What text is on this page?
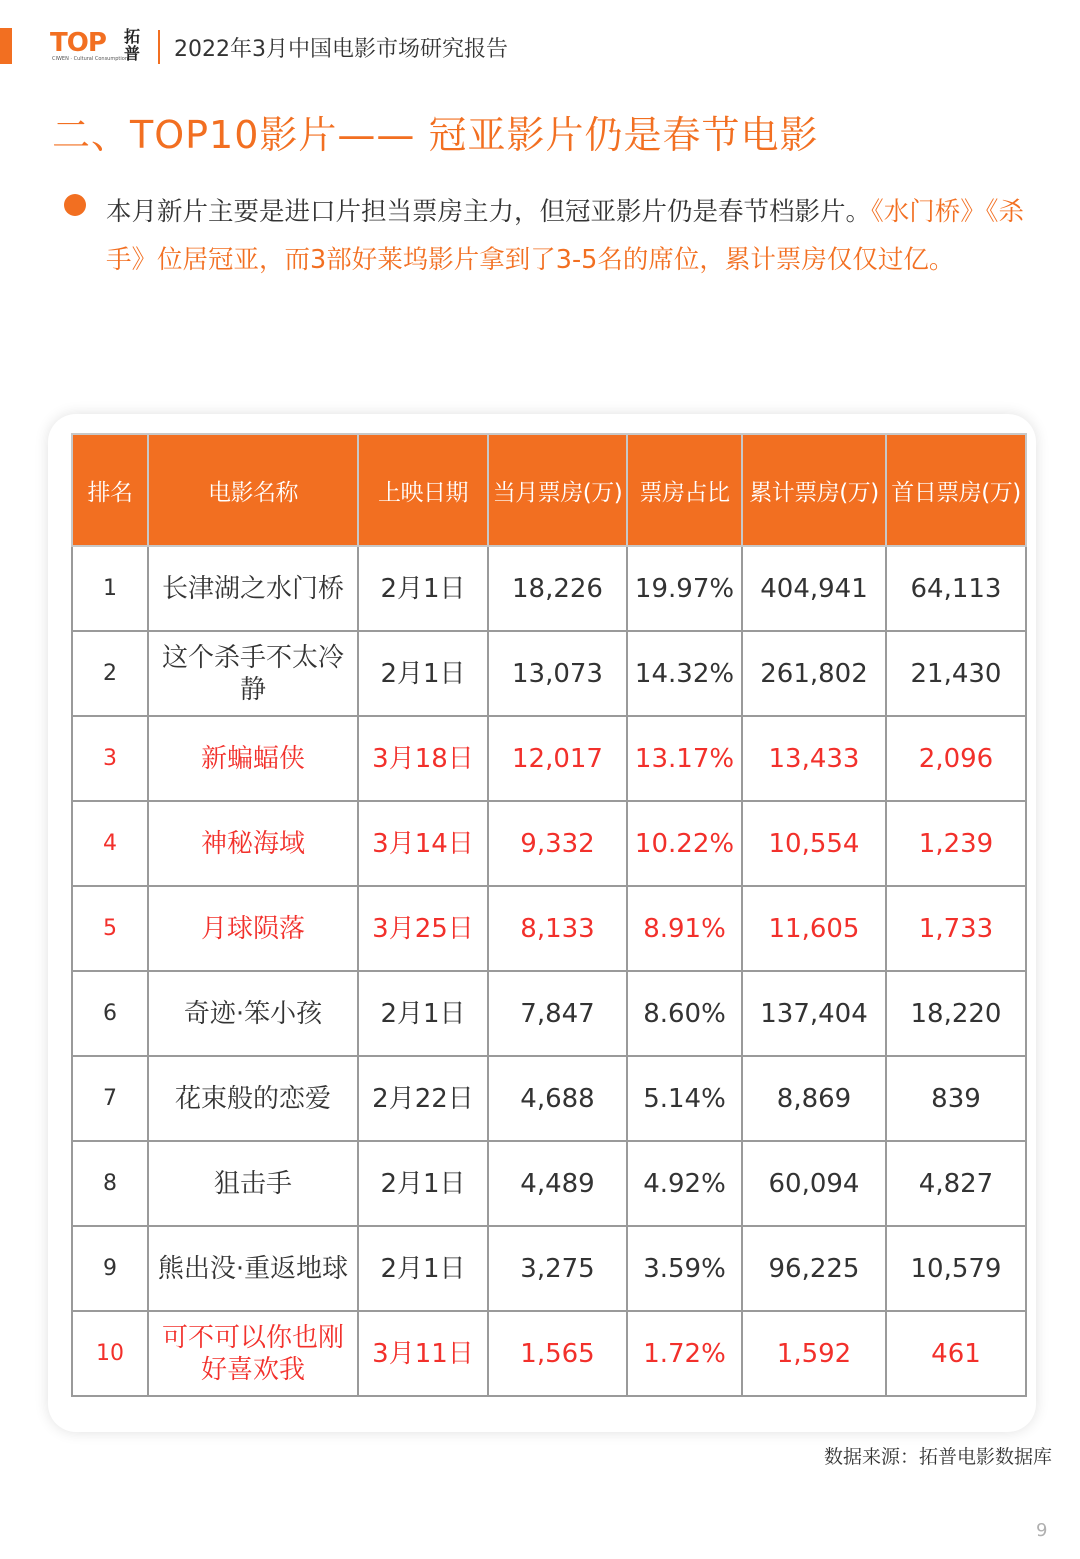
TOP
CIWEN · Cultural Consumption
拓普 2022年3月中国电影市场研究报告
二、TOP10影片—— 冠亚影片仍是春节电影
本月新片主要是进口片担当票房主力，但冠亚影片仍是春节档影片。《水门桥》《杀手》位居冠亚，而3部好莱坞影片拿到了3-5名的席位，累计票房仅仅过亿。
排名	电影名称	上映日期	当月票房(万)	票房占比	累计票房(万)	首日票房(万)
1	长津湖之水门桥	2月1日	18,226	19.97%	404,941	64,113
2	这个杀手不太冷静	2月1日	13,073	14.32%	261,802	21,430
3	新蝙蝠侠	3月18日	12,017	13.17%	13,433	2,096
4	神秘海域	3月14日	9,332	10.22%	10,554	1,239
5	月球陨落	3月25日	8,133	8.91%	11,605	1,733
6	奇迹·笨小孩	2月1日	7,847	8.60%	137,404	18,220
7	花束般的恋爱	2月22日	4,688	5.14%	8,869	839
8	狙击手	2月1日	4,489	4.92%	60,094	4,827
9	熊出没·重返地球	2月1日	3,275	3.59%	96,225	10,579
10	可不可以你也刚好喜欢我	3月11日	1,565	1.72%	1,592	461
数据来源：拓普电影数据库
9
